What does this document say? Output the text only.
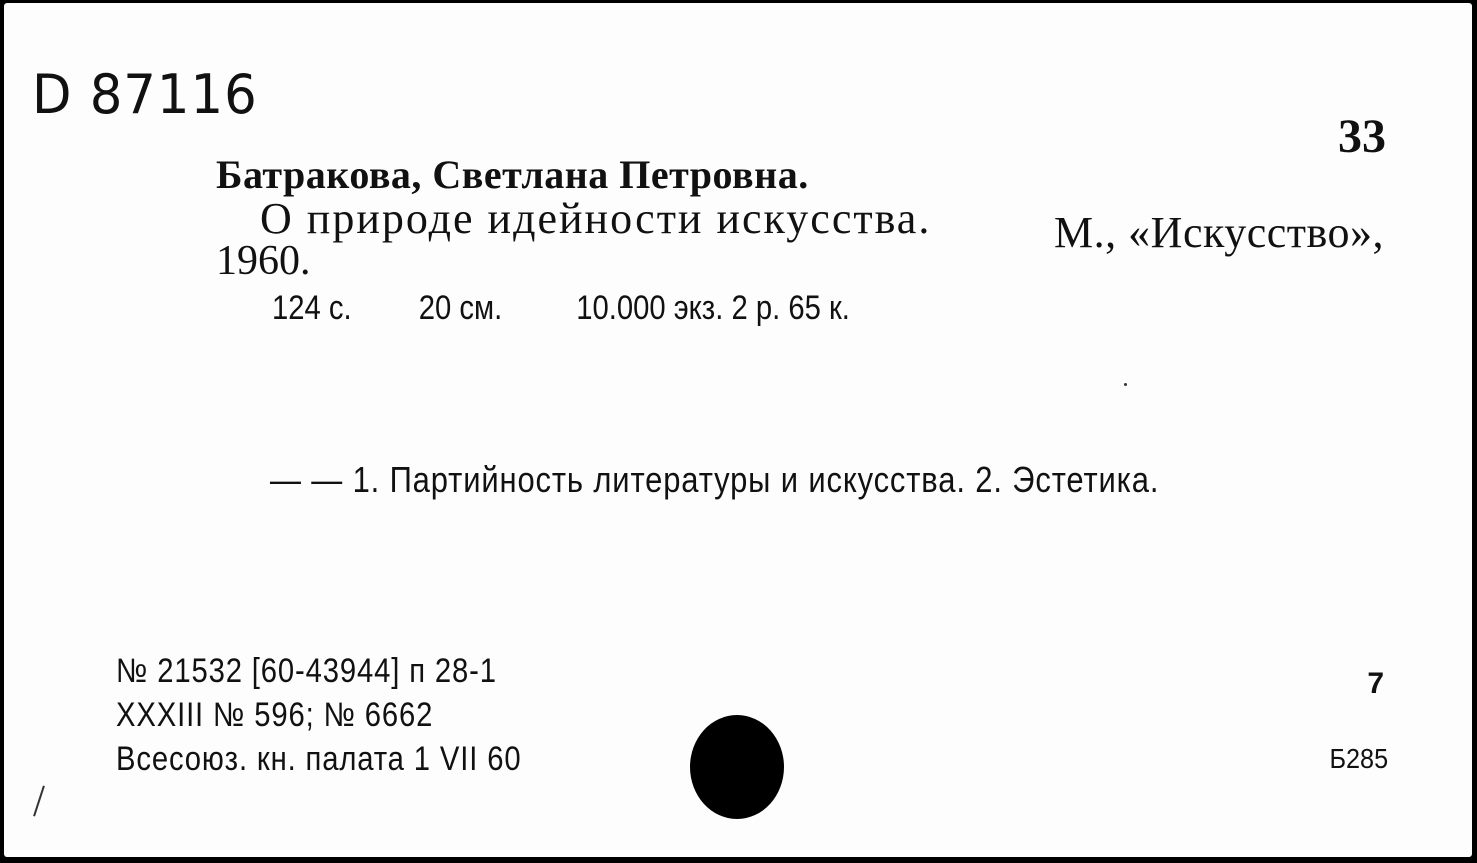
D 87116
33
Батракова, Светлана Петровна.
О природе идейности искусства.	М., «Искусство»,
1960.
124 с. 20 см. 10.000 экз. 2 р. 65 к.
— — 1. Партийность литературы и искусства. 2. Эстетика.
№ 21532 [60-43944] п 28-1
XXXIII № 596; № 6662
Всесоюз. кн. палата 1 VII 60
7
Б285
